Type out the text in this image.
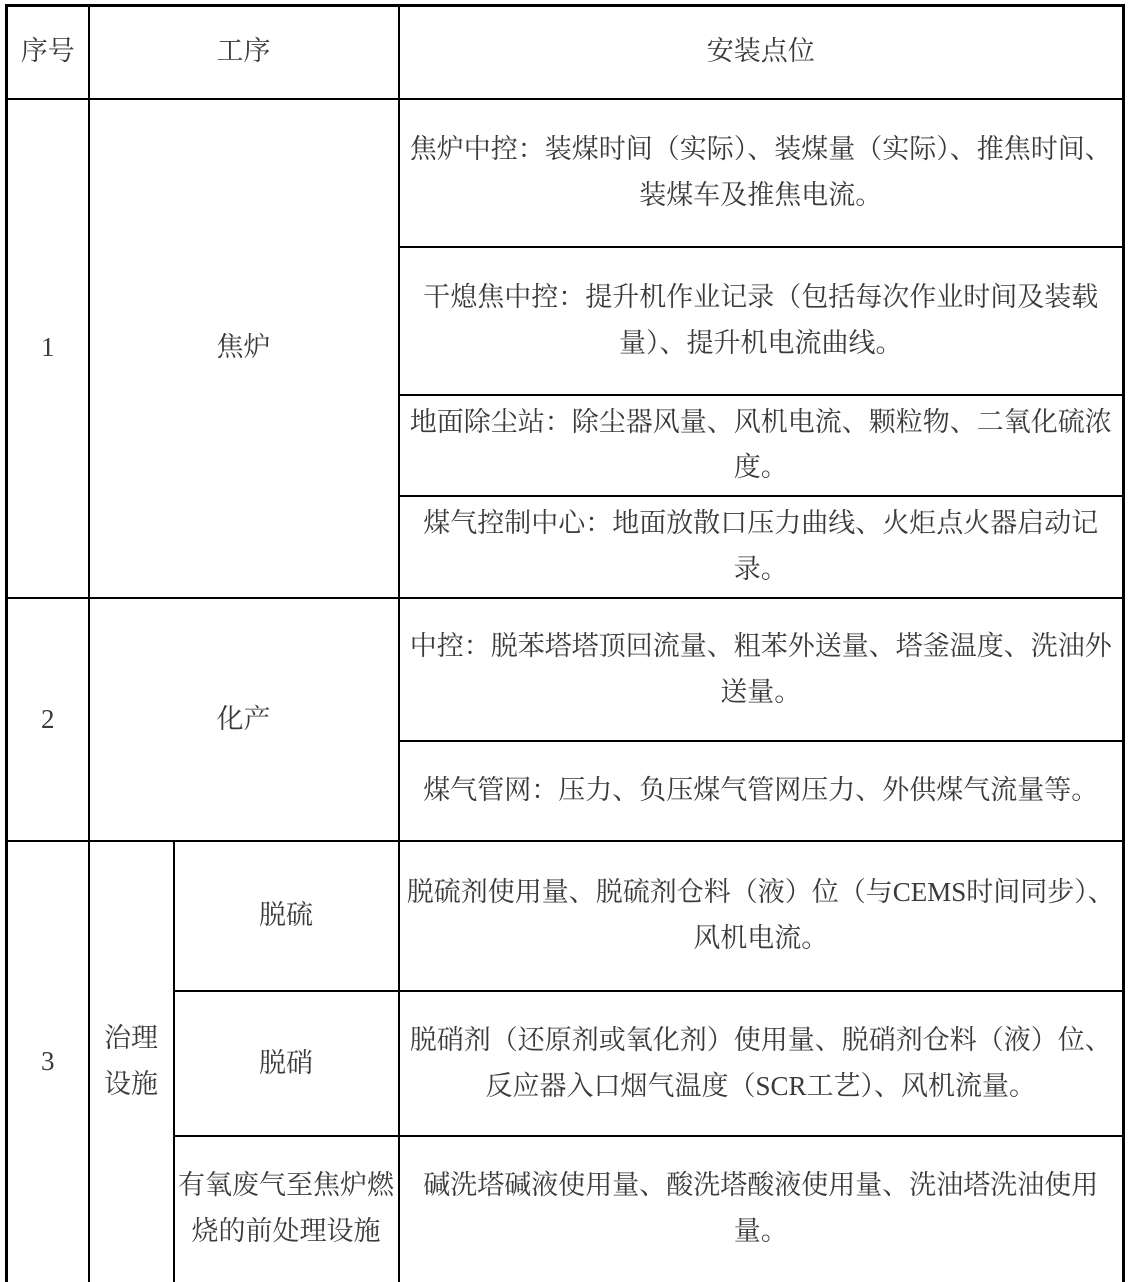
序号	工序		安装点位
1	焦炉		焦炉中控：装煤时间（实际）、装煤量（实际）、推焦时间、装煤车及推焦电流。
			干熄焦中控：提升机作业记录（包括每次作业时间及装载量）、提升机电流曲线。
			地面除尘站：除尘器风量、风机电流、颗粒物、二氧化硫浓度。
			煤气控制中心：地面放散口压力曲线、火炬点火器启动记录。
2	化产		中控：脱苯塔塔顶回流量、粗苯外送量、塔釜温度、洗油外送量。
			煤气管网：压力、负压煤气管网压力、外供煤气流量等。
3	治理设施	脱硫	脱硫剂使用量、脱硫剂仓料（液）位（与CEMS时间同步）、风机电流。
		脱硝	脱硝剂（还原剂或氧化剂）使用量、脱硝剂仓料（液）位、反应器入口烟气温度（SCR工艺）、风机流量。
		有氧废气至焦炉燃烧的前处理设施	碱洗塔碱液使用量、酸洗塔酸液使用量、洗油塔洗油使用量。
